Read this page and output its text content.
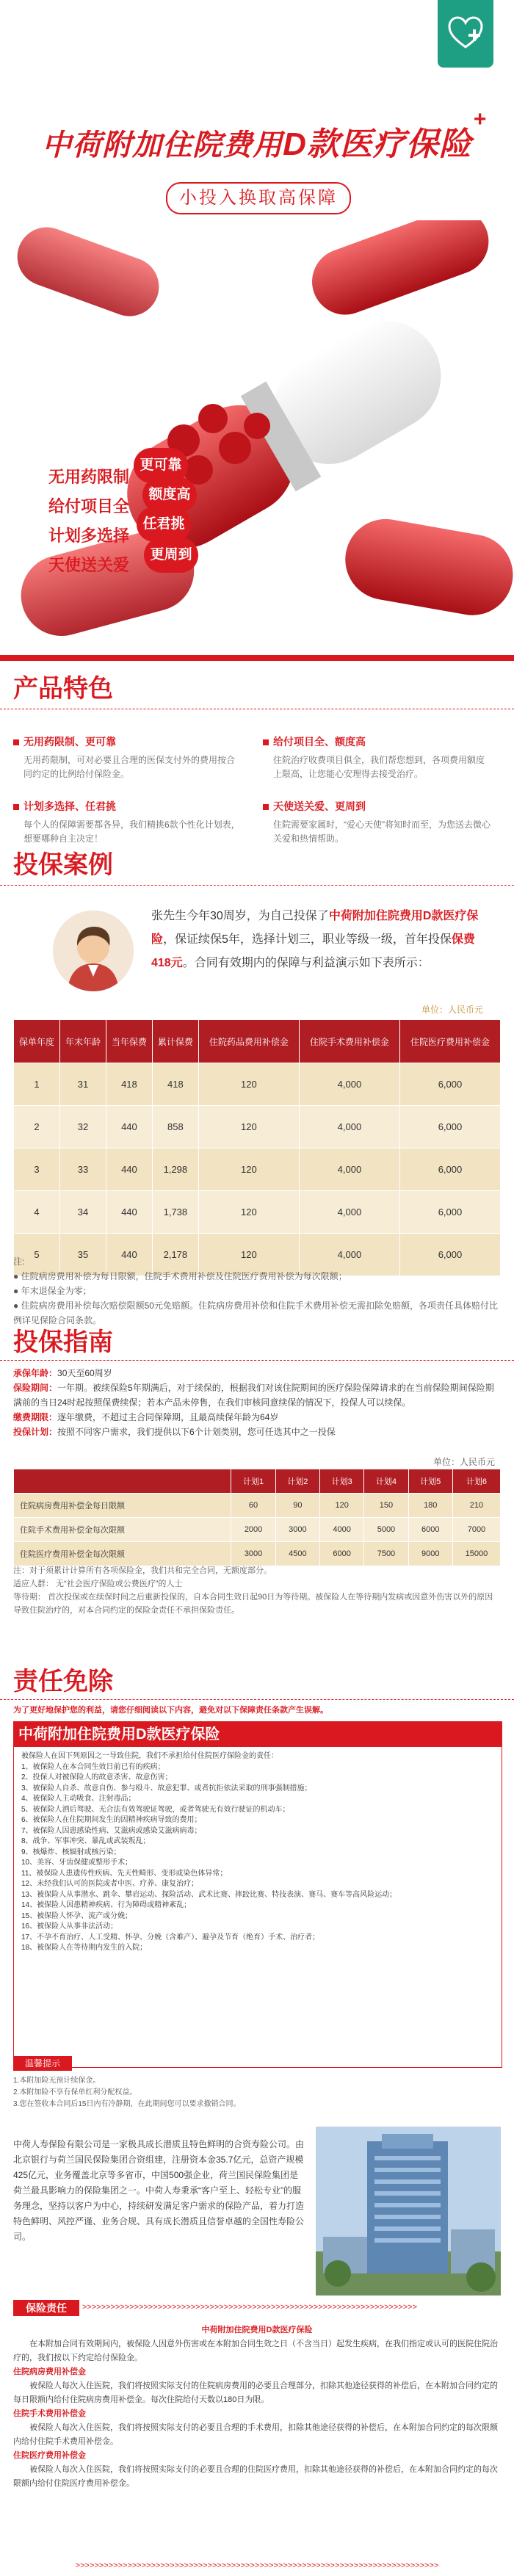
中荷附加住院费用D款医疗保险
+
小投入换取高保障
无用药限制
给付项目全
计划多选择
天使送关爱
更可靠
额度高
任君挑
更周到
产品特色
无用药限制、更可靠

无用药限制，可对必要且合理的医保支付外的费用按合同约定的比例给付保险金。

给付项目全、额度高

住院治疗收费项目俱全，我们帮您想到，各项费用额度上限高，让您能心安理得去接受治疗。

计划多选择、任君挑

每个人的保障需要都各异，我们精挑6款个性化计划表，想要哪种自主决定！

天使送关爱、更周到

住院需要家属时，“爱心天使”将知时而至，为您送去微心关爱和热情帮助。

投保案例
张先生今年30周岁，为自己投保了中荷附加住院费用D款医疗保险，保证续保5年，选择计划三，职业等级一级，首年投保保费418元。合同有效期内的保障与利益演示如下表所示：
单位：人民币元
保单年度	年末年龄	当年保费	累计保费	住院药品费用补偿金	住院手术费用补偿金	住院医疗费用补偿金
1	31	418	418	120	4,000	6,000
2	32	440	858	120	4,000	6,000
3	33	440	1,298	120	4,000	6,000
4	34	440	1,738	120	4,000	6,000
5	35	440	2,178	120	4,000	6,000

注:

● 住院病房费用补偿为每日限额，住院手术费用补偿及住院医疗费用补偿为每次限额；

● 年末退保金为零；

● 住院病房费用补偿每次赔偿限额50元免赔额。住院病房费用补偿和住院手术费用补偿无需扣除免赔额，各项责任具体赔付比例详见保险合同条款。

投保指南

承保年龄：30天至60周岁

保险期间：一年期。被续保险5年期满后，对于续保的，根据我们对该住院期间的医疗保险保障请求的在当前保险期间保险期满前的当日24时起按照保费续保；若本产品未停售，在我们审核同意续保的情况下，投保人可以续保。

缴费期限：逐年缴费，不超过主合同保障期，且最高续保年龄为64岁

投保计划：按照不同客户需求，我们提供以下6个计划类别，您可任选其中之一投保

单位：人民币元
	计划1	计划2	计划3	计划4	计划5	计划6
住院病房费用补偿金每日限额	60	90	120	150	180	210
住院手术费用补偿金每次限额	2000	3000	4000	5000	6000	7000
住院医疗费用补偿金每次限额	3000	4500	6000	7500	9000	15000

注：对于须累计计算所有各项保险金，我们共和完全合同，无额度部分。

适应人群： 无“社会医疗保险或公费医疗”的人士

等待期： 首次投保或在续保时间之后重新投保的，自本合同生效日起90日为等待期。被保险人在等待期内发病或因意外伤害以外的原因导致住院治疗的，对本合同约定的保险金责任不承担保险责任。

责任免除
为了更好地保护您的利益，请您仔细阅读以下内容，避免对以下保障责任条款产生误解。
中荷附加住院费用D款医疗保险

被保险人在因下列原因之一导致住院，我们不承担给付住院医疗保险金的责任：

1、被保险人在本合同生效日前已有的疾病；

2、投保人对被保险人的故意杀害、故意伤害；

3、被保险人自杀、故意自伤、参与殴斗、故意犯罪、或者抗拒依法采取的刑事强制措施；

4、被保险人主动吸食、注射毒品；

5、被保险人酒后驾驶、无合法有效驾驶证驾驶，或者驾驶无有效行驶证的机动车；

6、被保险人在住院期间发生的因精神疾病导致的费用；

7、被保险人因患感染性病、艾滋病或感染艾滋病病毒；

8、战争、军事冲突、暴乱或武装叛乱；

9、核爆炸、核辐射或核污染；

10、美容、牙齿保健或整形手术；

11、被保险人患遗传性疾病、先天性畸形、变形或染色体异常；

12、未经我们认可的医院或者中医、疗养、康复治疗；

13、被保险人从事潜水、跳伞、攀岩运动、探险活动、武术比赛、摔跤比赛、特技表演、赛马、赛车等高风险运动；

14、被保险人因患精神疾病、行为障碍或精神紊乱；

15、被保险人怀孕、流产或分娩；

16、被保险人从事非法活动；

17、不孕不育治疗、人工受精、怀孕、分娩（含难产）、避孕及节育（绝育）手术、治疗者；

18、被保险人在等待期内发生的入院；

温馨提示

1.本附加险无预计续保金。

2.本附加险不享有保单红利分配权益。

3.您在签收本合同后15日内有冷静期，在此期间您可以要求撤销合同。

中荷人寿保险有限公司是一家极具成长潜质且特色鲜明的合资寿险公司。由北京银行与荷兰国民保险集团合资组建，注册资本金35.7亿元，总资产规模425亿元，业务覆盖北京等多省市，中国500强企业，荷兰国民保险集团是荷兰最具影响力的保险集团之一。中荷人寿秉承“客户至上、轻松专业”的服务理念，坚持以客户为中心，持续研发满足客户需求的保险产品，着力打造特色鲜明、风控严谨、业务合规、具有成长潜质且信誉卓越的全国性寿险公司。
保险责任	>>>>>>>>>>>>>>>>>>>>>>>>>>>>>>>>>>>>>>>>>>>>>>>>>>>>>>>>>>>>>>>>>>>>>>>

中荷附加住院费用D款医疗保险

在本附加合同有效期间内，被保险人因意外伤害或在本附加合同生效之日（不含当日）起发生疾病，在我们指定或认可的医院住院治疗的，我们按以下约定给付保险金。

住院病房费用补偿金

被保险人每次入住医院，我们将按照实际支付的住院病房费用的必要且合理部分，扣除其他途径获得的补偿后，在本附加合同约定的每日限额内给付住院病房费用补偿金。每次住院给付天数以180日为限。

住院手术费用补偿金

被保险人每次入住医院，我们将按照实际支付的必要且合理的手术费用，扣除其他途径获得的补偿后，在本附加合同约定的每次限额内给付住院手术费用补偿金。

住院医疗费用补偿金

被保险人每次入住医院，我们将按照实际支付的必要且合理的住院医疗费用，扣除其他途径获得的补偿后，在本附加合同约定的每次限额内给付住院医疗费用补偿金。

>>>>>>>>>>>>>>>>>>>>>>>>>>>>>>>>>>>>>>>>>>>>>>>>>>>>>>>>>>>>>>>>>>>>>>>>>>>>>
